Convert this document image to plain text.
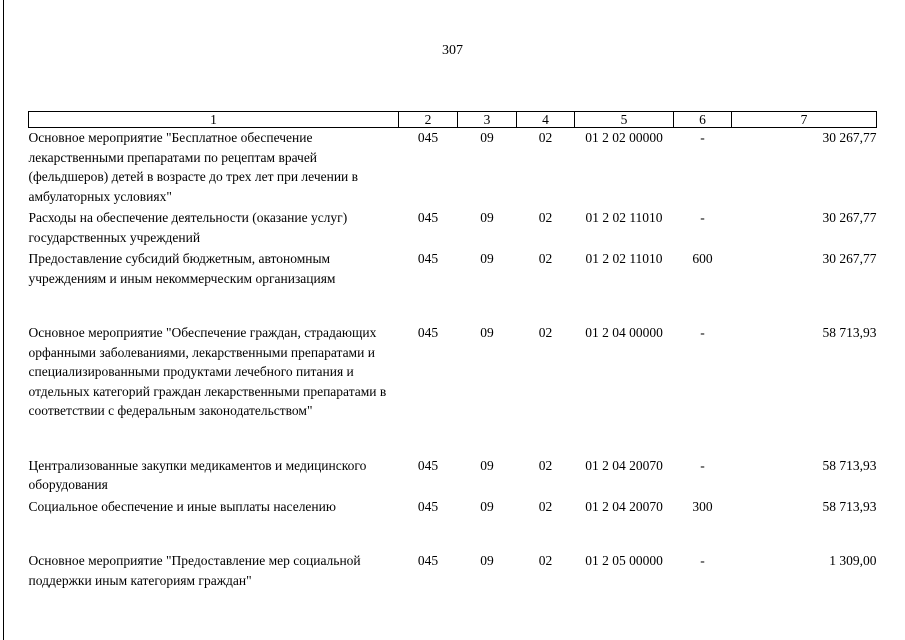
307
1	2	3	4	5	6	7
Основное мероприятие "Бесплатное обеспечение лекарственными препаратами по рецептам врачей (фельдшеров) детей в возрасте до трех лет при лечении в амбулаторных условиях"	045	09	02	01 2 02 00000	-	30 267,77
Расходы на обеспечение деятельности (оказание услуг) государственных учреждений	045	09	02	01 2 02 11010	-	30 267,77
Предоставление субсидий бюджетным, автономным учреждениям и иным некоммерческим организациям	045	09	02	01 2 02 11010	600	30 267,77
Основное мероприятие "Обеспечение граждан, страдающих орфанными заболеваниями, лекарственными препаратами и специализированными продуктами лечебного питания и отдельных категорий граждан лекарственными препаратами в соответствии с федеральным законодательством"	045	09	02	01 2 04 00000	-	58 713,93
Централизованные закупки медикаментов и медицинского оборудования	045	09	02	01 2 04 20070	-	58 713,93
Социальное обеспечение и иные выплаты населению	045	09	02	01 2 04 20070	300	58 713,93
Основное мероприятие "Предоставление мер социальной поддержки иным категориям граждан"	045	09	02	01 2 05 00000	-	1 309,00
